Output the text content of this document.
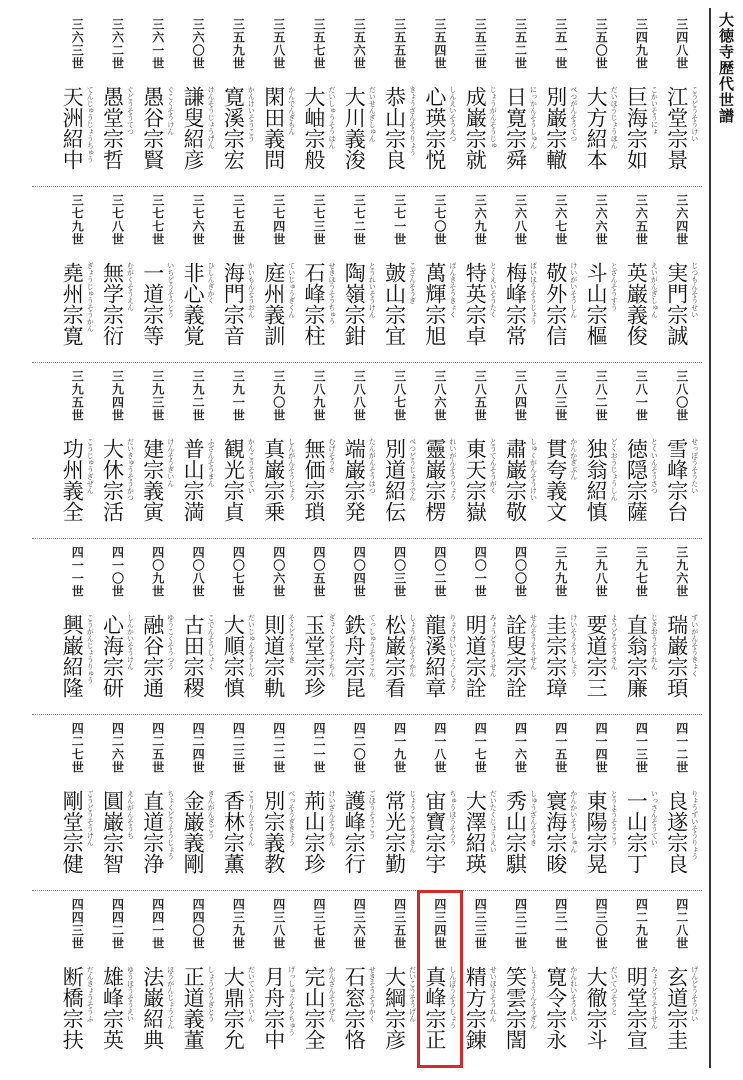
大徳寺歴代世譜
三四八世
江堂宗景 こうどうそうけい
三四九世
巨海宗如 こかいそうにょ
三五〇世
大方紹本 だいほうじょうほん
三五一世
別巌宗轍 べつがんそうてつ
三五二世
日寛宗舜 にっかんそうしゅん
三五三世
成巌宗就 じょうがんそうじゅ
三五四世
心瑛宗悦 しんえいそうえつ
三五五世
恭山宗良 きょうざんそうりょう
三五六世
大川義浚 だいせんぎしゅん
三五七世
大岫宗般 だいしゅうそうはん
三五八世
閑田義問 かんでんぎもん
三五九世
寛溪宗宏 かんけいそうこう
三六〇世
謙叟紹彦 けんそうじょうげん
三六一世
愚谷宗賢 ぐこくそうけん
三六二世
愚堂宗哲 ぐどうそうてつ
三六三世
天洲紹中 てんじゅうじょうちゅう
三六四世
実門宗誠 じつもんそうせい
三六五世
英巌義俊 えいがんぎしゅん
三六六世
斗山宗樞 とざんそうすう
三六七世
敬外宗信 けいがいそうしん
三六八世
梅峰宗常 ばいほうそうじょう
三六九世
特英宗卓 とくえいそうたく
三七〇世
萬輝宗旭 ばんきそうきょく
三七一世
皷山宗宜 こざんそうぎ
三七二世
陶嶺宗鉗 とうれいそうけん
三七三世
石峰宗柱 せきほうそうちゅう
三七四世
庭州義訓 ていじゅうぎくん
三七五世
海門宗音 かいもんそうおん
三七六世
非心義覚 ひしんぎかく
三七七世
一道宗等 いちどうそうとう
三七八世
無学宗衍 むがくそうえん
三七九世
堯州宗寛 ぎょうじゅうそうかん
三八〇世
雪峰宗台 せっぽうそうたい
三八一世
徳隠宗薩 とくいんそうさつ
三八二世
独翁紹慎 どくおうじょうしん
三八三世
貫夸義文 かんかぎぶん
三八四世
肅巌宗敬 しゅくがんそうけい
三八五世
東天宗嶽 とうてんそうがく
三八六世
靈巌宗楞 れいがんそうりょう
三八七世
別道紹伝 べつどうじょうでん
三八八世
端巌宗発 たんがんそうはつ
三八九世
無価宗瑣 むげそうさ
三九〇世
真巌宗乗 しんがんそうじょう
三九一世
観光宗貞 かんこうそうてい
三九二世
普山宗満 ふざんそうまん
三九三世
建宗義寅 けんそうぎいん
三九四世
大休宗活 だいきゅうそうかつ
三九五世
功州義全 こうじゅうぎぜん
三九六世
瑞巌宗頊 ずいがんそうきょく
三九七世
直翁宗廉 じきおうそうれん
三九八世
要道宗三 ようどうそうさん
三九九世
圭宗宗璋 けいそうそうしょう
四〇〇世
詮叟宗詮 せんそうそうせん
四〇一世
明道宗詮 みょうどうそうせん
四〇二世
龍溪紹章 りょうけいじょうしょう
四〇三世
松巌宗看 しょうがんそうかん
四〇四世
鉄舟宗昆 てっしゅうそうこん
四〇五世
玉堂宗珍 ぎょくどうそうちん
四〇六世
則道宗軌 そくどうそうき
四〇七世
大順宗慎 だいじゅんそうしん
四〇八世
古田宗稷 こでんそうしょく
四〇九世
融谷宗通 ゆうこくそうつう
四一〇世
心海宗研 しんかいそうけん
四一一世
興巌紹隆 こうがんじょうりゅう
四一二世
良遂宗良 りょうずいそうりょう
四一三世
一山宗丁 いっさんそうてい
四一四世
東陽宗晃 とうようそうこう
四一五世
寰海宗晙 かんかいそうしゅん
四一六世
秀山宗騏 しゅうざんそうき
四一七世
大澤紹瑛 だいたくじょうえい
四一八世
宙寶宗宇 ちゅうほうそうう
四一九世
常光宗勤 じょうこうそうきん
四二〇世
護峰宗行 ごほうそうこう
四二一世
荊山宗珍 けいざんそうちん
四二二世
別宗義教 べっそうぎきょう
四二三世
香林宗薫 こうりんそうくん
四二四世
金巌義剛 きんがんぎごう
四二五世
直道宗浄 ちょくどうそうじょう
四二六世
圓巌宗智 えんがんそうち
四二七世
剛堂宗健 ごうどうそうけん
四二八世
玄道宗圭 げんどうそうけい
四二九世
明堂宗宣 みょうどうそうせん
四三〇世
大徹宗斗 だいてつそうと
四三一世
寛令宗永 かんれいそうえい
四三二世
笑雲宗誾 しょううんそうぎん
四三三世
精方宗錬 せいほうそうれん
四三四世
真峰宗正 しんぽうそうしょう
四三五世
大綱宗彦 だいこうそうげん
四三六世
石窓宗恪 せきそうそうかく
四三七世
完山宗全 かんざんそうぜん
四三八世
月舟宗中 げっしゅうそうちゅう
四三九世
大鼎宗允 だいていそういん
四四〇世
正道義董 しょうどうぎとう
四四一世
法巌紹典 ほうがんじょうてん
四四二世
雄峰宗英 ゆうほうそうえい
四四三世
断橋宗扶 だんきょうそうふ
